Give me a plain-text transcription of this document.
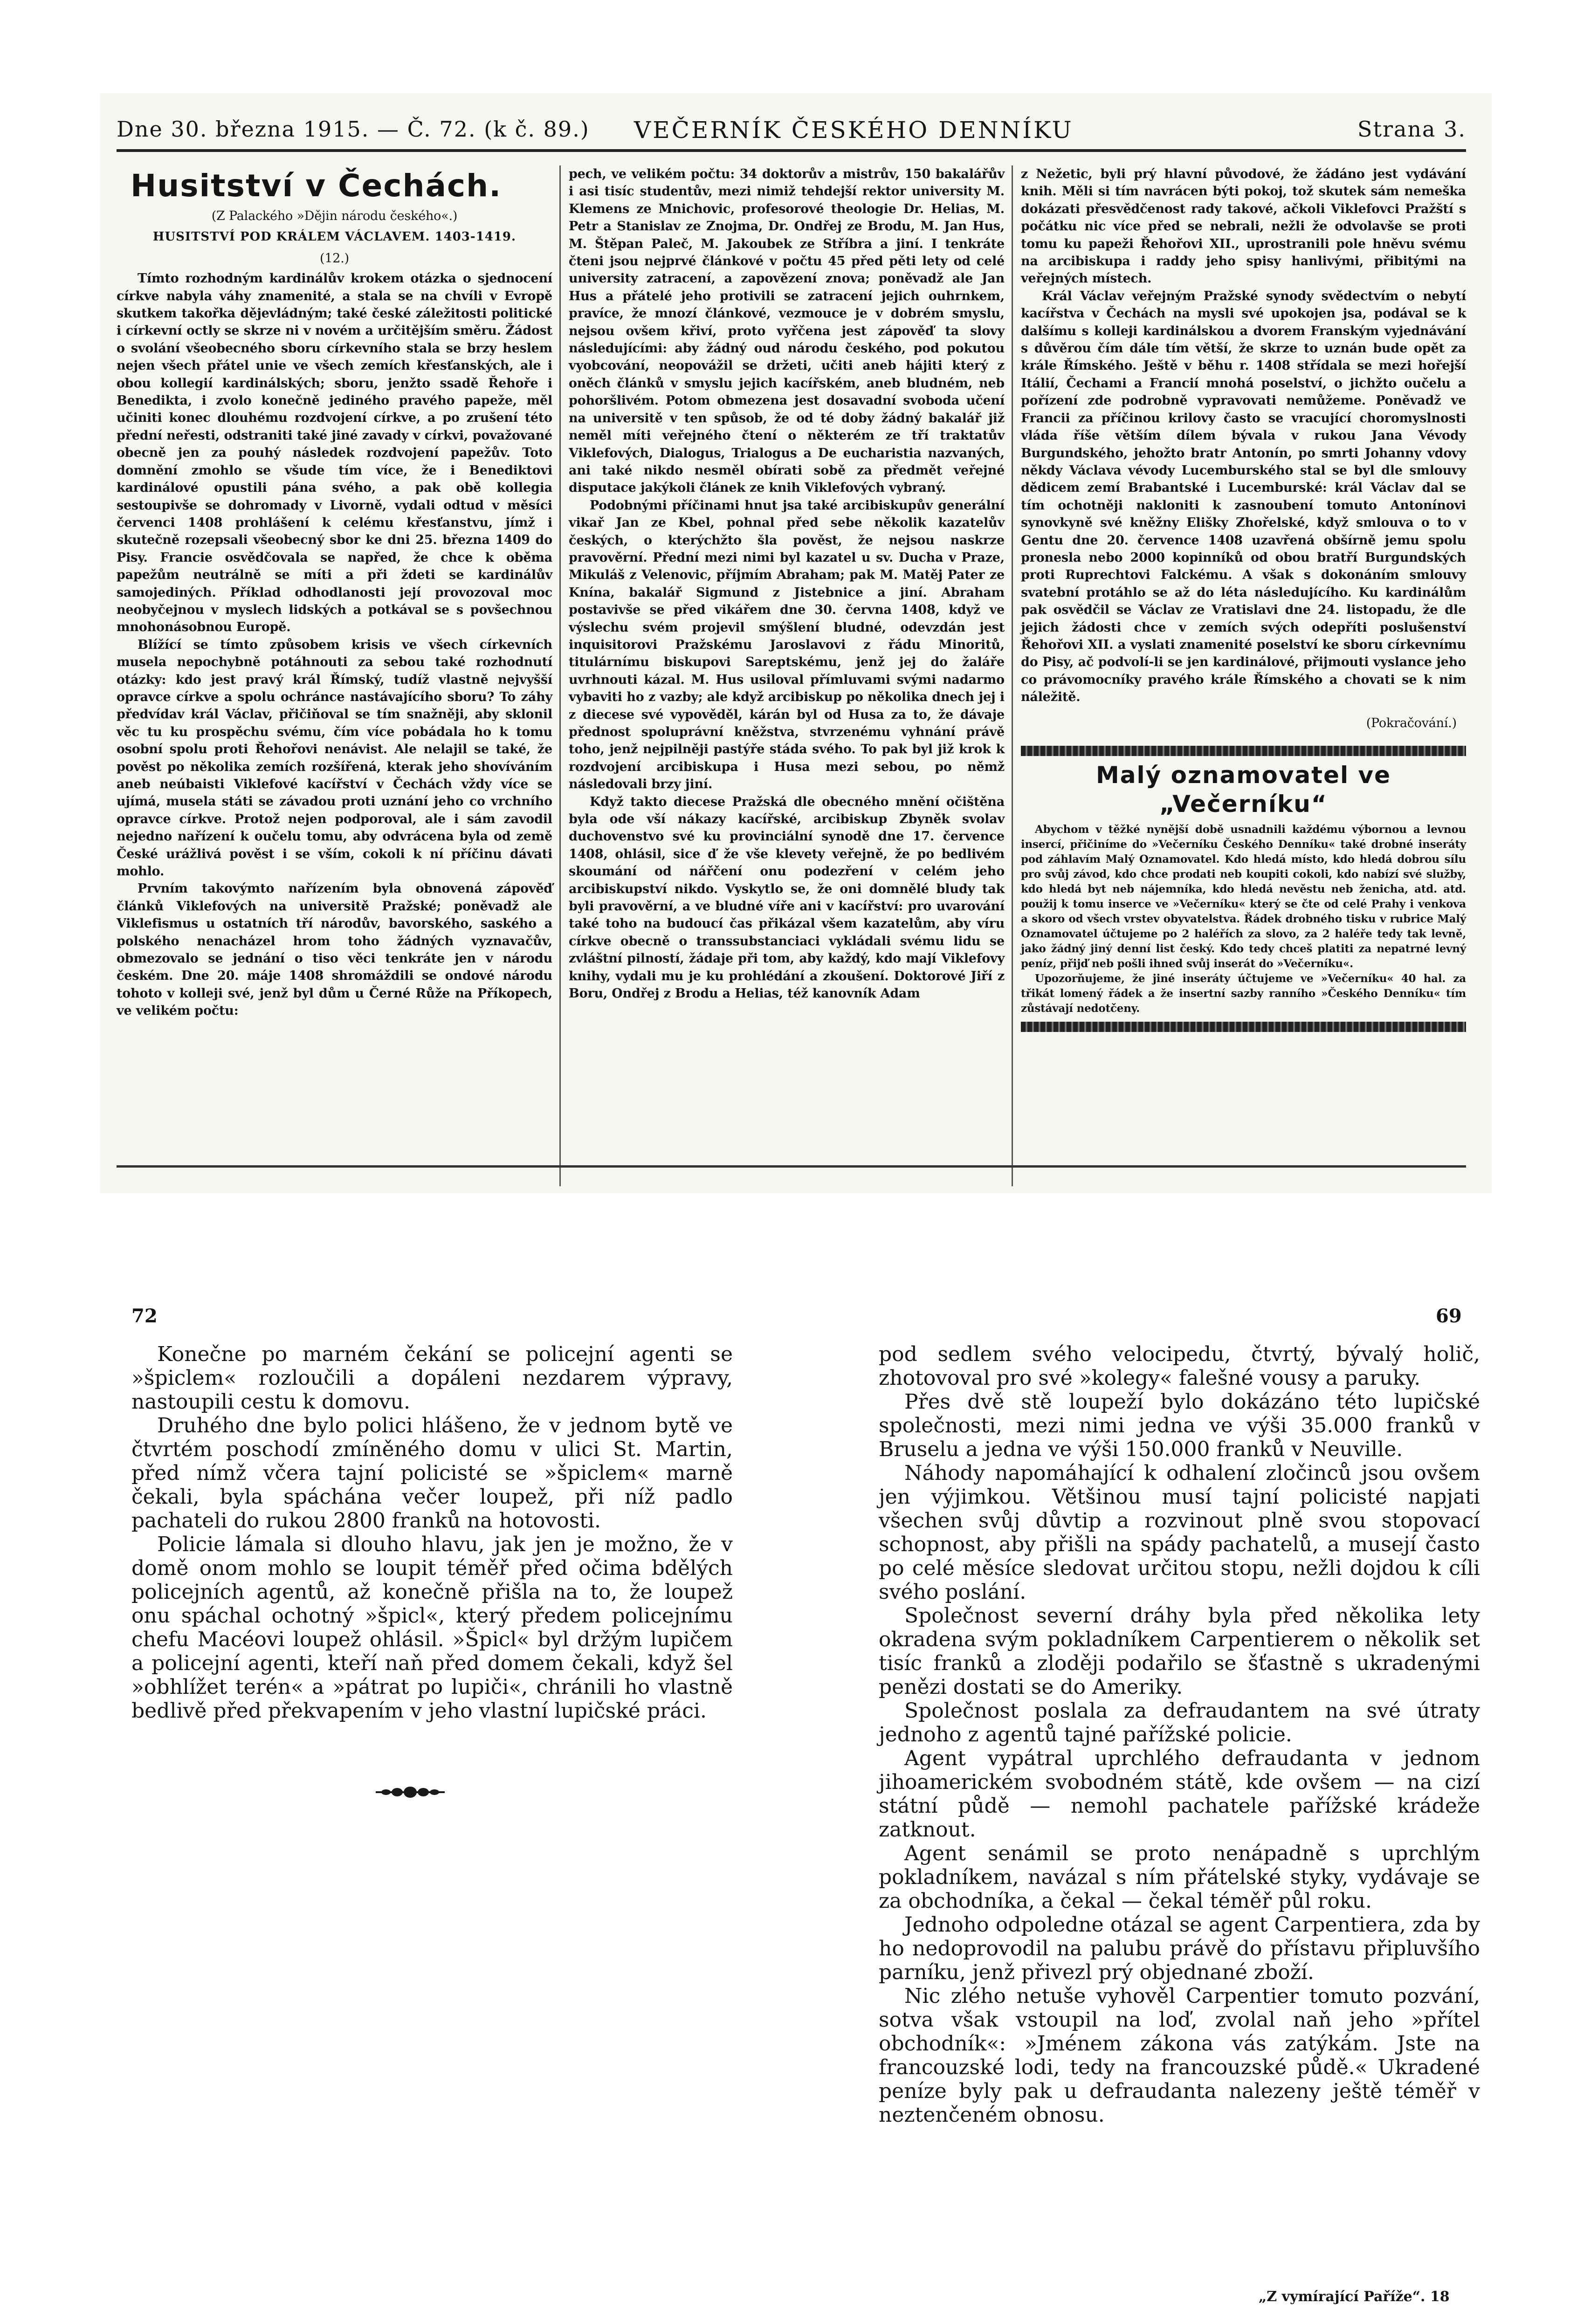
Dne 30. března 1915. — Č. 72. (k č. 89.) VEČERNÍK ČESKÉHO DENNÍKU	Strana 3.
Husitství v Čechách.
(Z Palackého »Dějin národu českého«.)
HUSITSTVÍ POD KRÁLEM VÁCLAVEM. 1403-1419.
(12.)

Tímto rozhodným kardinálův krokem otázka o sjednocení církve nabyla váhy znamenité, a stala se na chvíli v Evropě skutkem takořka dějevládným; také české záležitosti politické i církevní octly se skrze ni v novém a určitějším směru. Žádost o svolání všeobecného sboru církevního stala se brzy heslem nejen všech přátel unie ve všech zemích křesťanských, ale i obou kollegií kardinálských; sboru, jenžto ssadě Řehoře i Benedikta, i zvolo konečně jediného pravého papeže, měl učiniti konec dlouhému rozdvojení církve, a po zrušení této přední neřesti, odstraniti také jiné zavady v církvi, považované obecně jen za pouhý následek rozdvojení papežův. Toto domnění zmohlo se všude tím více, že i Benediktovi kardinálové opustili pána svého, a pak obě kollegia sestoupivše se dohromady v Livorně, vydali odtud v měsíci červenci 1408 prohlášení k celému křesťanstvu, jímž i skutečně rozepsali všeobecný sbor ke dni 25. března 1409 do Pisy. Francie osvědčovala se napřed, že chce k oběma papežům neutrálně se míti a při ždeti se kardinálův samojediných. Příklad odhodlanosti její provozoval moc neobyčejnou v myslech lidských a potkával se s povšechnou mnohonásobnou Europě.

Blížící se tímto způsobem krisis ve všech církevních musela nepochybně potáhnouti za sebou také rozhodnutí otázky: kdo jest pravý král Římský, tudíž vlastně nejvyšší opravce církve a spolu ochránce nastávajícího sboru? To záhy předvídav král Václav, přičiňoval se tím snažněji, aby sklonil věc tu ku prospěchu svému, čím více pobádala ho k tomu osobní spolu proti Řehořovi nenávist. Ale nelajil se také, že pověst po několika zemích rozšířená, kterak jeho shovíváním aneb neúbaisti Viklefové kacířství v Čechách vždy více se ujímá, musela státi se závadou proti uznání jeho co vrchního opravce církve. Protož nejen podporoval, ale i sám zavodil nejedno nařízení k oučelu tomu, aby odvrácena byla od země České urážlivá pověst i se vším, cokoli k ní příčinu dávati mohlo.

Prvním takovýmto nařízením byla obnovená zápověď článků Viklefových na universitě Pražské; poněvadž ale Viklefismus u ostatních tří národův, bavorského, saského a polského nenacházel hrom toho žádných vyznavačův, obmezovalo se jednání o tiso věci tenkráte jen v národu českém. Dne 20. máje 1408 shromáždili se ondové národu tohoto v kolleji své, jenž byl dům u Černé Růže na Příkopech, ve velikém počtu:

pech, ve velikém počtu: 34 doktorův a mistrův, 150 bakalářův i asi tisíc studentův, mezi nimiž tehdejší rektor university M. Klemens ze Mnichovic, profesorové theologie Dr. Helias, M. Petr a Stanislav ze Znojma, Dr. Ondřej ze Brodu, M. Jan Hus, M. Štěpan Paleč, M. Jakoubek ze Stříbra a jiní. I tenkráte čteni jsou nejprvé článkové v počtu 45 před pěti lety od celé university zatracení, a zapovězení znova; poněvadž ale Jan Hus a přátelé jeho protivili se zatracení jejich ouhrnkem, pravíce, že mnozí článkové, vezmouce je v dobrém smyslu, nejsou ovšem křiví, proto vyřčena jest zápověď ta slovy následujícími: aby žádný oud národu českého, pod pokutou vyobcování, neopovážil se držeti, učiti aneb hájiti který z oněch článků v smyslu jejich kacířském, aneb bludném, neb pohoršlivém. Potom obmezena jest dosavadní svoboda učení na universitě v ten spůsob, že od té doby žádný bakalář již neměl míti veřejného čtení o některém ze tří traktatův Viklefových, Dialogus, Trialogus a De eucharistia nazvaných, ani také nikdo nesměl obírati sobě za předmět veřejné disputace jakýkoli článek ze knih Viklefových vybraný.

Podobnými příčinami hnut jsa také arcibiskupův generální vikař Jan ze Kbel, pohnal před sebe několik kazatelův českých, o kterýchžto šla pověst, že nejsou naskrze pravověrní. Přední mezi nimi byl kazatel u sv. Ducha v Praze, Mikuláš z Velenovic, příjmím Abraham; pak M. Matěj Pater ze Knína, bakalář Sigmund z Jistebnice a jiní. Abraham postavivše se před vikářem dne 30. června 1408, když ve výslechu svém projevil smýšlení bludné, odevzdán jest inquisitorovi Pražskému Jaroslavovi z řádu Minoritů, titulárnímu biskupovi Sareptskému, jenž jej do žaláře uvrhnouti kázal. M. Hus usiloval přímluvami svými nadarmo vybaviti ho z vazby; ale když arcibiskup po několika dnech jej i z diecese své vypověděl, kárán byl od Husa za to, že dávaje přednost spoluprávní kněžstva, stvrzenému vyhnání právě toho, jenž nejpilněji pastýře stáda svého. To pak byl již krok k rozdvojení arcibiskupa i Husa mezi sebou, po němž následovali brzy jiní.

Když takto diecese Pražská dle obecného mnění očištěna byla ode vší nákazy kacířské, arcibiskup Zbyněk svolav duchovenstvo své ku provinciální synodě dne 17. července 1408, ohlásil, sice ď že vše klevety veřejně, že po bedlivém skoumání od nářčení onu podezření v celém jeho arcibiskupství nikdo. Vyskytlo se, že oni domnělé bludy tak byli pravověrní, a ve bludné víře ani v kacířství: pro uvarování také toho na budoucí čas přikázal všem kazatelům, aby víru církve obecně o transsubstanciaci vykládali svému lidu se zvláštní pilností, žádaje při tom, aby každý, kdo mají Viklefovy knihy, vydali mu je ku prohlédání a zkoušení. Doktorové Jiří z Boru, Ondřej z Brodu a Helias, též kanovník Adam

z Nežetic, byli prý hlavní původové, že žádáno jest vydávání knih. Měli si tím navrácen býti pokoj, tož skutek sám nemeška dokázati přesvědčenost rady takové, ačkoli Viklefovci Pražští s počátku nic více před se nebrali, nežli že odvolavše se proti tomu ku papeži Řehořovi XII., uprostranili pole hněvu svému na arcibiskupa i raddy jeho spisy hanlivými, přibitými na veřejných místech.

Král Václav veřejným Pražské synody svědectvím o nebytí kacířstva v Čechách na mysli své upokojen jsa, podával se k dalšímu s kolleji kardinálskou a dvorem Franským vyjednávání s důvěrou čím dále tím větší, že skrze to uznán bude opět za krále Římského. Ještě v běhu r. 1408 střídala se mezi hořejší Itálií, Čechami a Francií mnohá poselství, o jichžto oučelu a pořízení zde podrobně vypravovati nemůžeme. Poněvadž ve Francii za příčinou krilovy často se vracující choromyslnosti vláda říše větším dílem bývala v rukou Jana Vévody Burgundského, jehožto bratr Antonín, po smrti Johanny vdovy někdy Václava vévody Lucemburského stal se byl dle smlouvy dědicem zemí Brabantské i Lucemburské: král Václav dal se tím ochotněji nakloniti k zasnoubení tomuto Antonínovi synovkyně své kněžny Elišky Zhořelské, když smlouva o to v Gentu dne 20. července 1408 uzavřená obšírně jemu spolu pronesla nebo 2000 kopinníků od obou bratří Burgundských proti Ruprechtovi Falckému. A však s dokonáním smlouvy svatební protáhlo se až do léta následujícího. Ku kardinálům pak osvědčil se Václav ze Vratislavi dne 24. listopadu, že dle jejich žádosti chce v zemích svých odepříti poslušenství Řehořovi XII. a vyslati znamenité poselství ke sboru církevnímu do Pisy, ač podvolí-li se jen kardinálové, přijmouti vyslance jeho co právomocníky pravého krále Římského a chovati se k nim náležitě.

(Pokračování.)

Malý oznamovatel ve „Večerníku“

Abychom v těžké nynější době usnadnili každému výbornou a levnou insercí, přičiníme do »Večerníku Českého Denníku« také drobné inseráty pod záhlavím Malý Oznamovatel. Kdo hledá místo, kdo hledá dobrou sílu pro svůj závod, kdo chce prodati neb koupiti cokoli, kdo nabízí své služby, kdo hledá byt neb nájemníka, kdo hledá nevěstu neb ženicha, atd. atd. použij k tomu inserce ve »Večerníku« který se čte od celé Prahy i venkova a skoro od všech vrstev obyvatelstva. Řádek drobného tisku v rubrice Malý Oznamovatel účtujeme po 2 haléřích za slovo, za 2 haléře tedy tak levně, jako žádný jiný denní list český. Kdo tedy chceš platiti za nepatrné levný peníz, přijď neb pošli ihned svůj inserát do »Večerníku«.

Upozorňujeme, že jiné inseráty účtujeme ve »Večerníku« 40 hal. za třikát lomený řádek a že insertní sazby ranního »Českého Denníku« tím zůstávají nedotčeny.

72	69

Konečne po marném čekání se policejní agenti se »špiclem« rozloučili a dopáleni nezdarem výpravy, nastoupili cestu k domovu.

Druhého dne bylo polici hlášeno, že v jednom bytě ve čtvrtém poschodí zmíněného domu v ulici St. Martin, před nímž včera tajní policisté se »špiclem« marně čekali, byla spáchána večer loupež, při níž padlo pachateli do rukou 2800 franků na hotovosti.

Policie lámala si dlouho hlavu, jak jen je možno, že v domě onom mohlo se loupit téměř před očima bdělých policejních agentů, až konečně přišla na to, že loupež onu spáchal ochotný »špicl«, který předem policejnímu chefu Macéovi loupež ohlásil. »Špicl« byl držým lupičem a policejní agenti, kteří naň před domem čekali, když šel »obhlížet terén« a »pátrat po lupiči«, chránili ho vlastně bedlivě před překvapením v jeho vlastní lupičské práci.

pod sedlem svého velocipedu, čtvrtý, bývalý holič, zhotovoval pro své »kolegy« falešné vousy a paruky.

Přes dvě stě loupeží bylo dokázáno této lupičské společnosti, mezi nimi jedna ve výši 35.000 franků v Bruselu a jedna ve výši 150.000 franků v Neuville.

Náhody napomáhající k odhalení zločinců jsou ovšem jen výjimkou. Většinou musí tajní policisté napjati všechen svůj důvtip a rozvinout plně svou stopovací schopnost, aby přišli na spády pachatelů, a musejí často po celé měsíce sledovat určitou stopu, nežli dojdou k cíli svého poslání.

Společnost severní dráhy byla před několika lety okradena svým pokladníkem Carpentierem o několik set tisíc franků a zloději podařilo se šťastně s ukradenými penězi dostati se do Ameriky.

Společnost poslala za defraudantem na své útraty jednoho z agentů tajné pařížské policie.

Agent vypátral uprchlého defraudanta v jednom jihoamerickém svobodném státě, kde ovšem — na cizí státní půdě — nemohl pachatele pařížské krádeže zatknout.

Agent senámil se proto nenápadně s uprchlým pokladníkem, navázal s ním přátelské styky, vydávaje se za obchodníka, a čekal — čekal téměř půl roku.

Jednoho odpoledne otázal se agent Carpentiera, zda by ho nedoprovodil na palubu právě do přístavu připluvšího parníku, jenž přivezl prý objednané zboží.

Nic zlého netuše vyhověl Carpentier tomuto pozvání, sotva však vstoupil na loď, zvolal naň jeho »přítel obchodník«: »Jménem zákona vás zatýkám. Jste na francouzské lodi, tedy na francouzské půdě.« Ukradené peníze byly pak u defraudanta nalezeny ještě téměř v neztenčeném obnosu.

„Z vymírající Paříže“. 18
